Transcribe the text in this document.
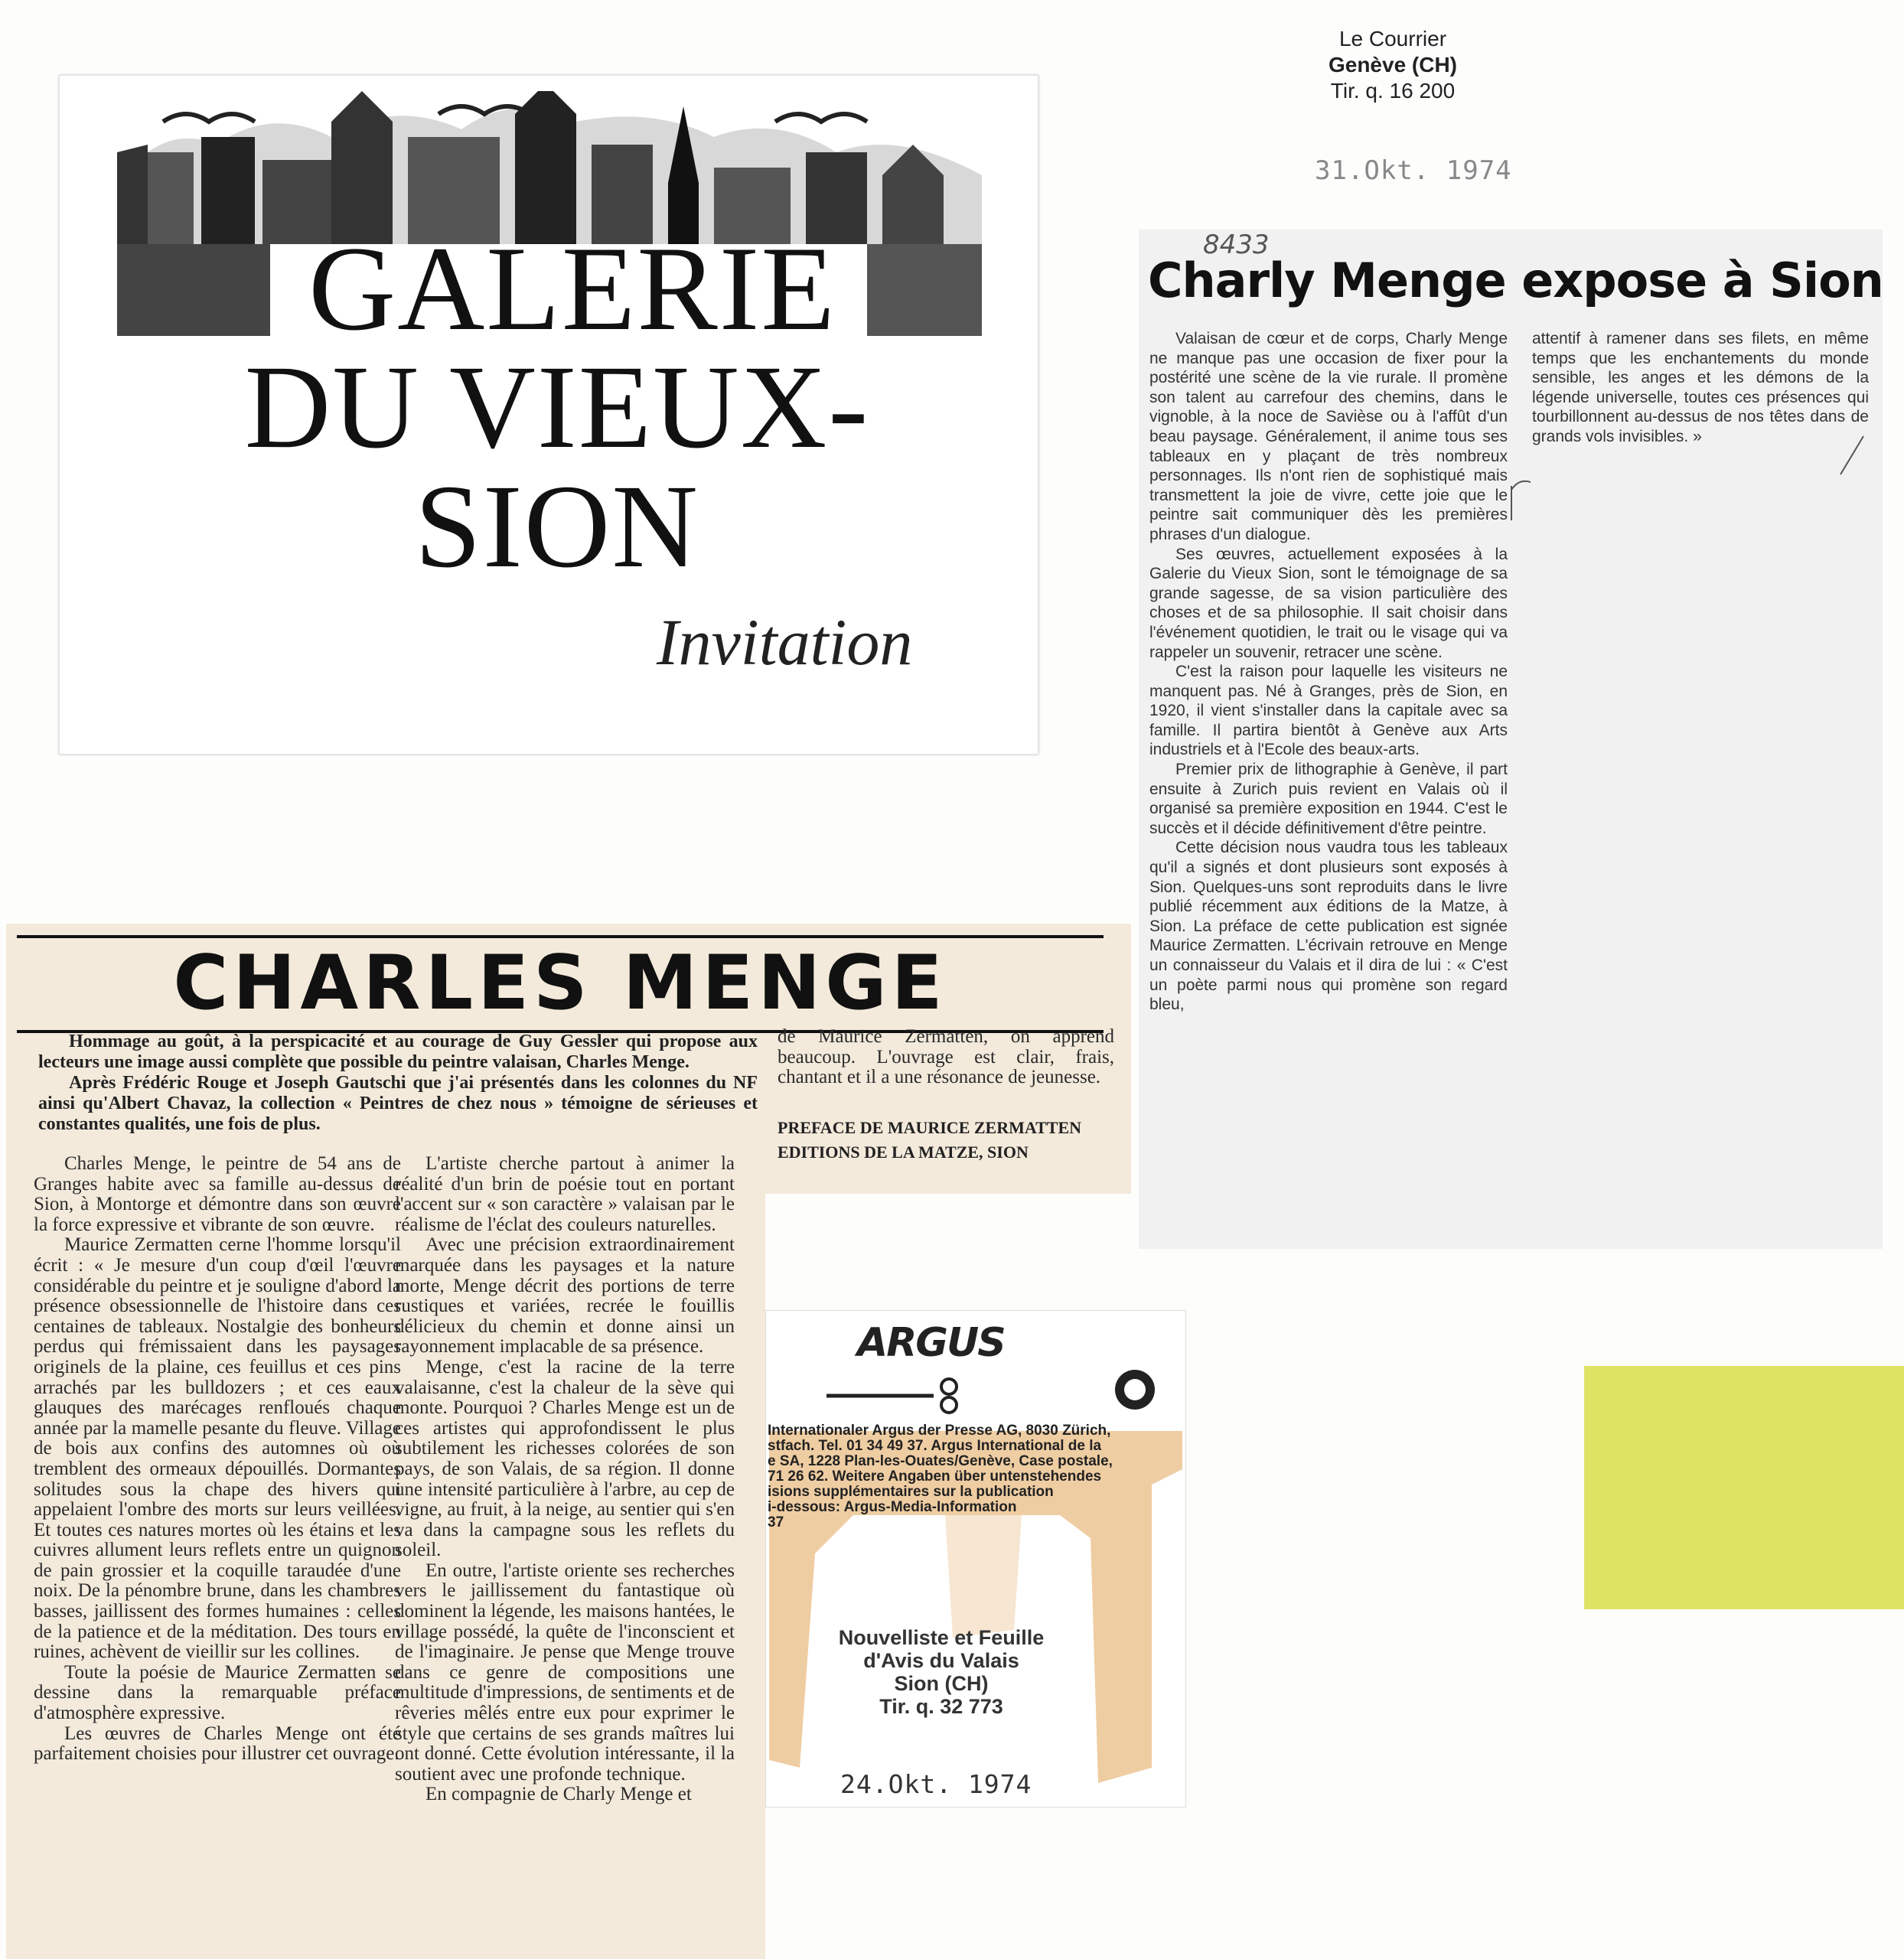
GALERIE
DU VIEUX-SION
Invitation
Le Courrier
Genève (CH)
Tir. q. 16 200
31.Okt. 1974
8433
Charly Menge expose à Sion

Valaisan de cœur et de corps, Charly Menge ne manque pas une occasion de fixer pour la postérité une scène de la vie rurale. Il promène son talent au carrefour des chemins, dans le vignoble, à la noce de Savièse ou à l'affût d'un beau paysage. Généralement, il anime tous ses tableaux en y plaçant de très nombreux personnages. Ils n'ont rien de sophistiqué mais transmettent la joie de vivre, cette joie que le peintre sait communiquer dès les premières phrases d'un dialogue.

Ses œuvres, actuellement exposées à la Galerie du Vieux Sion, sont le témoignage de sa grande sagesse, de sa vision particulière des choses et de sa philosophie. Il sait choisir dans l'événement quotidien, le trait ou le visage qui va rappeler un souvenir, retracer une scène.

C'est la raison pour laquelle les visiteurs ne manquent pas. Né à Granges, près de Sion, en 1920, il vient s'installer dans la capitale avec sa famille. Il partira bientôt à Genève aux Arts industriels et à l'Ecole des beaux-arts.

Premier prix de lithographie à Genève, il part ensuite à Zurich puis revient en Valais où il organisé sa première exposition en 1944. C'est le succès et il décide définitivement d'être peintre.

Cette décision nous vaudra tous les tableaux qu'il a signés et dont plusieurs sont exposés à Sion. Quelques-uns sont reproduits dans le livre publié récemment aux éditions de la Matze, à Sion. La préface de cette publication est signée Maurice Zermatten. L'écrivain retrouve en Menge un connaisseur du Valais et il dira de lui : « C'est un poète parmi nous qui promène son regard bleu,

attentif à ramener dans ses filets, en même temps que les enchantements du monde sensible, les anges et les démons de la légende universelle, toutes ces présences qui tourbillonnent au-dessus de nos têtes dans de grands vols invisibles. »

CHARLES MENGE

Hommage au goût, à la perspicacité et au courage de Guy Gessler qui propose aux lecteurs une image aussi complète que possible du peintre valaisan, Charles Menge.

Après Frédéric Rouge et Joseph Gautschi que j'ai présentés dans les colonnes du NF ainsi qu'Albert Chavaz, la collection « Peintres de chez nous » témoigne de sérieuses et constantes qualités, une fois de plus.

Charles Menge, le peintre de 54 ans de Granges habite avec sa famille au-dessus de Sion, à Montorge et démontre dans son œuvre la force expressive et vibrante de son œuvre.

Maurice Zermatten cerne l'homme lorsqu'il écrit : « Je mesure d'un coup d'œil l'œuvre considérable du peintre et je souligne d'abord la présence obsessionnelle de l'histoire dans ces centaines de tableaux. Nostalgie des bonheurs perdus qui frémissaient dans les paysages originels de la plaine, ces feuillus et ces pins arrachés par les bulldozers ; et ces eaux glauques des marécages renfloués chaque année par la mamelle pesante du fleuve. Village de bois aux confins des automnes où où tremblent des ormeaux dépouillés. Dormantes solitudes sous la chape des hivers qui appelaient l'ombre des morts sur leurs veillées. Et toutes ces natures mortes où les étains et les cuivres allument leurs reflets entre un quignon de pain grossier et la coquille taraudée d'une noix. De la pénombre brune, dans les chambres basses, jaillissent des formes humaines : celles de la patience et de la méditation. Des tours en ruines, achèvent de vieillir sur les collines.

Toute la poésie de Maurice Zermatten se dessine dans la remarquable préface d'atmosphère expressive.

Les œuvres de Charles Menge ont été parfaitement choisies pour illustrer cet ouvrage.

L'artiste cherche partout à animer la réalité d'un brin de poésie tout en portant l'accent sur « son caractère » valaisan par le réalisme de l'éclat des couleurs naturelles.

Avec une précision extraordinairement marquée dans les paysages et la nature morte, Menge décrit des portions de terre rustiques et variées, recrée le fouillis délicieux du chemin et donne ainsi un rayonnement implacable de sa présence.

Menge, c'est la racine de la terre valaisanne, c'est la chaleur de la sève qui monte. Pourquoi ? Charles Menge est un de ces artistes qui approfondissent le plus subtilement les richesses colorées de son pays, de son Valais, de sa région. Il donne une intensité particulière à l'arbre, au cep de vigne, au fruit, à la neige, au sentier qui s'en va dans la campagne sous les reflets du soleil.

En outre, l'artiste oriente ses recherches vers le jaillissement du fantastique où dominent la légende, les maisons hantées, le village possédé, la quête de l'inconscient et de l'imaginaire. Je pense que Menge trouve dans ce genre de compositions une multitude d'impressions, de sentiments et de rêveries mêlés entre eux pour exprimer le style que certains de ses grands maîtres lui ont donné. Cette évolution intéressante, il la soutient avec une profonde technique.

En compagnie de Charly Menge et

de Maurice Zermatten, on apprend beaucoup. L'ouvrage est clair, frais, chantant et il a une résonance de jeunesse.

PREFACE DE MAURICE ZERMATTEN
EDITIONS DE LA MATZE, SION
ARGUS
Internationaler Argus der Presse AG, 8030 Zürich,
stfach. Tel. 01 34 49 37. Argus International de la
e SA, 1228 Plan-les-Ouates/Genève, Case postale,
71 26 62. Weitere Angaben über untenstehendes
isions supplémentaires sur la publication
i-dessous: Argus-Media-Information
37
Nouvelliste et Feuille
d'Avis du Valais
Sion (CH)
Tir. q. 32 773
24.Okt. 1974
